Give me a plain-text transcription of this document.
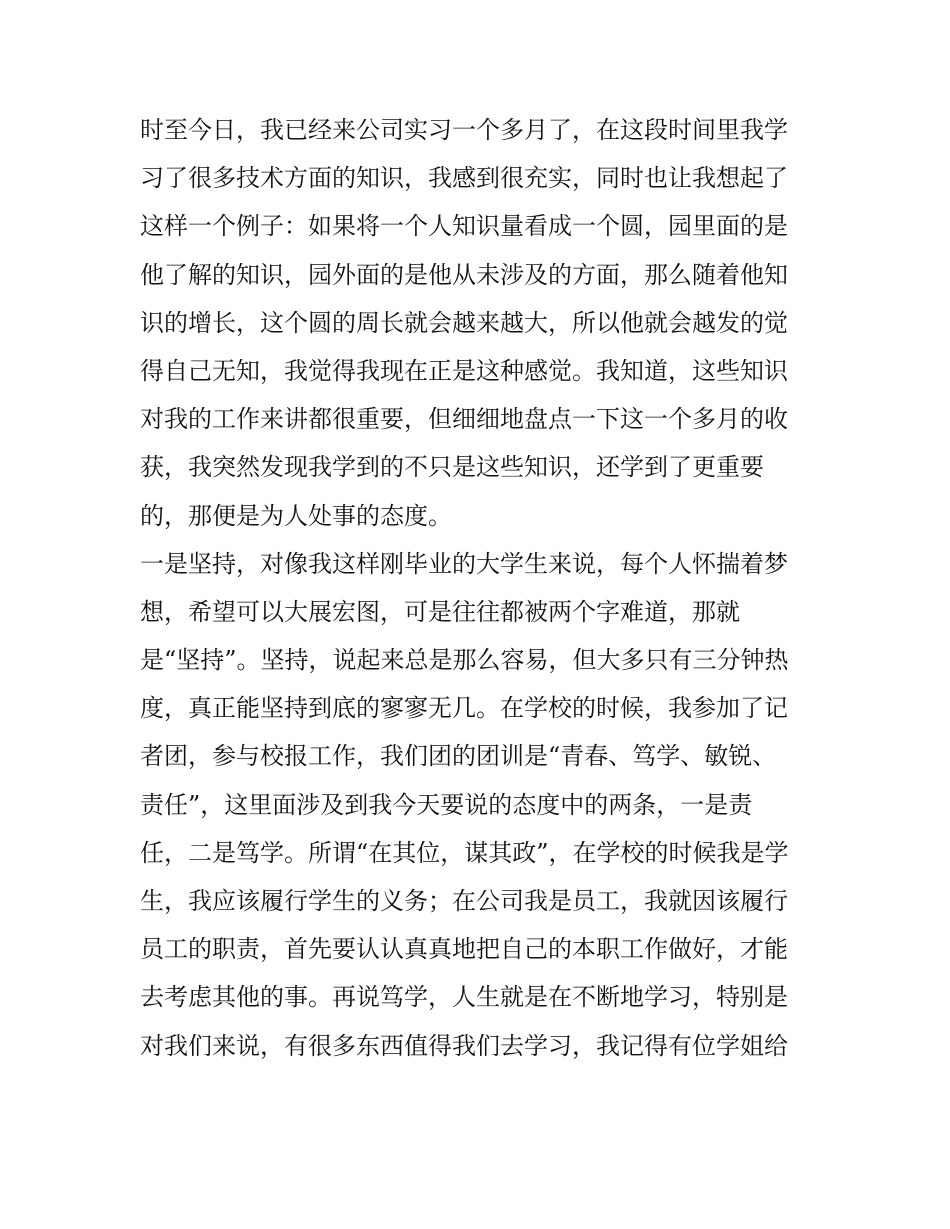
时至今日，我已经来公司实习一个多月了，在这段时间里我学
习了很多技术方面的知识，我感到很充实，同时也让我想起了
这样一个例子：如果将一个人知识量看成一个圆，园里面的是
他了解的知识，园外面的是他从未涉及的方面，那么随着他知
识的增长，这个圆的周长就会越来越大，所以他就会越发的觉
得自己无知，我觉得我现在正是这种感觉。我知道，这些知识
对我的工作来讲都很重要，但细细地盘点一下这一个多月的收
获，我突然发现我学到的不只是这些知识，还学到了更重要
的，那便是为人处事的态度。
一是坚持，对像我这样刚毕业的大学生来说，每个人怀揣着梦
想，希望可以大展宏图，可是往往都被两个字难道，那就
是“坚持”。坚持，说起来总是那么容易，但大多只有三分钟热
度，真正能坚持到底的寥寥无几。在学校的时候，我参加了记
者团，参与校报工作，我们团的团训是“青春、笃学、敏锐、
责任”，这里面涉及到我今天要说的态度中的两条，一是责
任，二是笃学。所谓“在其位，谋其政”，在学校的时候我是学
生，我应该履行学生的义务；在公司我是员工，我就因该履行
员工的职责，首先要认认真真地把自己的本职工作做好，才能
去考虑其他的事。再说笃学，人生就是在不断地学习，特别是
对我们来说，有很多东西值得我们去学习，我记得有位学姐给
